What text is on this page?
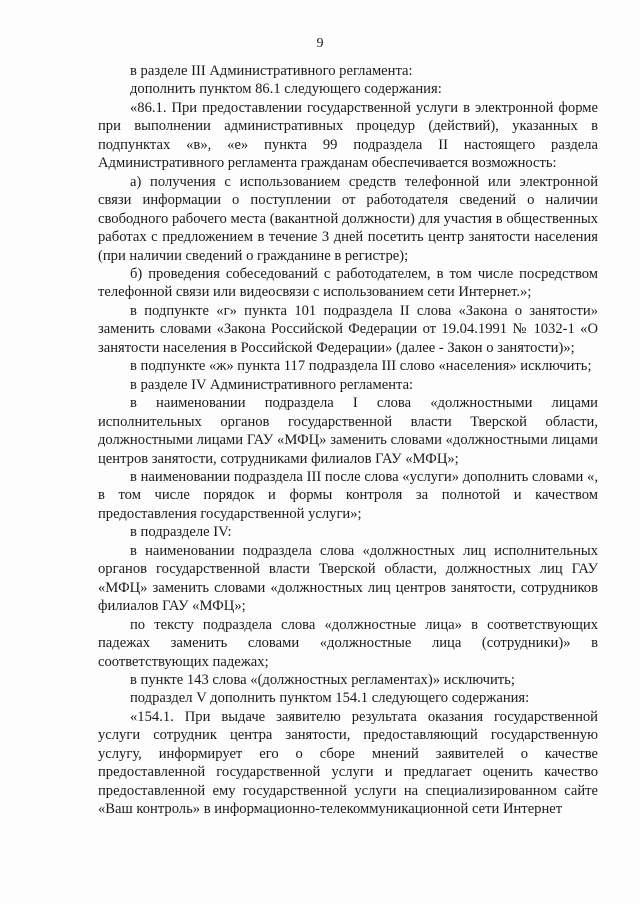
9

в разделе III Административного регламента:

дополнить пунктом 86.1 следующего содержания:

«86.1. При предоставлении государственной услуги в электронной форме при выполнении административных процедур (действий), указанных в подпунктах «в», «е» пункта 99 подраздела II настоящего раздела Административного регламента гражданам обеспечивается возможность:

а) получения с использованием средств телефонной или электронной связи информации о поступлении от работодателя сведений о наличии свободного рабочего места (вакантной должности) для участия в общественных работах с предложением в течение 3 дней посетить центр занятости населения (при наличии сведений о гражданине в регистре);

б) проведения собеседований с работодателем, в том числе посредством телефонной связи или видеосвязи с использованием сети Интернет.»;

в подпункте «г» пункта 101 подраздела II слова «Закона о занятости» заменить словами «Закона Российской Федерации от 19.04.1991 № 1032-1 «О занятости населения в Российской Федерации» (далее - Закон о занятости)»;

в подпункте «ж» пункта 117 подраздела III слово «населения» исключить;

в разделе IV Административного регламента:

в наименовании подраздела I слова «должностными лицами исполнительных органов государственной власти Тверской области, должностными лицами ГАУ «МФЦ» заменить словами «должностными лицами центров занятости, сотрудниками филиалов ГАУ «МФЦ»;

в наименовании подраздела III после слова «услуги» дополнить словами «, в том числе порядок и формы контроля за полнотой и качеством предоставления государственной услуги»;

в подразделе IV:

в наименовании подраздела слова «должностных лиц исполнительных органов государственной власти Тверской области, должностных лиц ГАУ «МФЦ» заменить словами «должностных лиц центров занятости, сотрудников филиалов ГАУ «МФЦ»;

по тексту подраздела слова «должностные лица» в соответствующих падежах заменить словами «должностные лица (сотрудники)» в соответствующих падежах;

в пункте 143 слова «(должностных регламентах)» исключить;

подраздел V дополнить пунктом 154.1 следующего содержания:

«154.1. При выдаче заявителю результата оказания государственной услуги сотрудник центра занятости, предоставляющий государственную услугу, информирует его о сборе мнений заявителей о качестве предоставленной государственной услуги и предлагает оценить качество предоставленной ему государственной услуги на специализированном сайте «Ваш контроль» в информационно-телекоммуникационной сети Интернет
